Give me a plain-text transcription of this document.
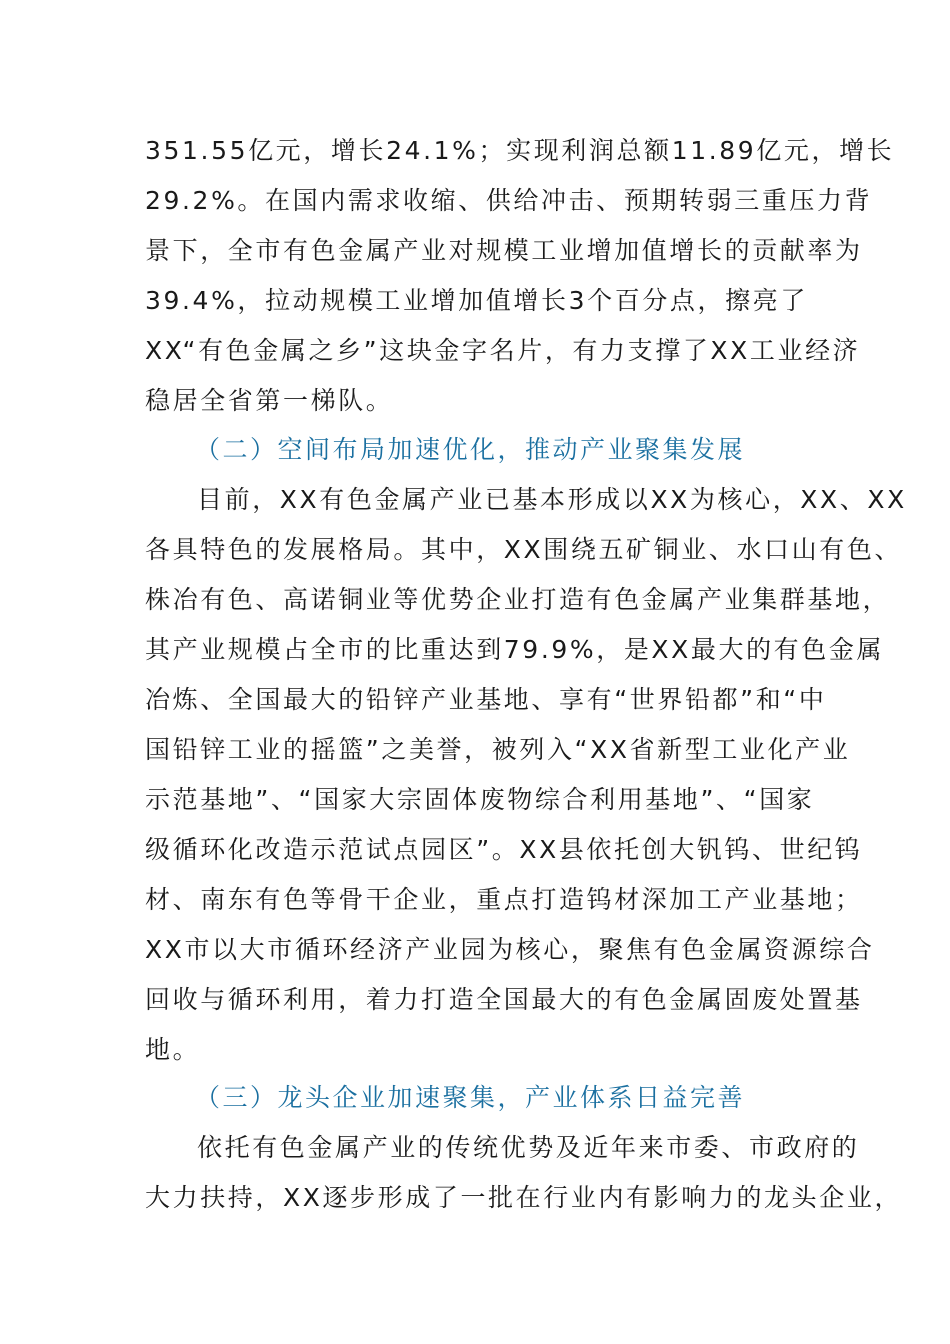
351.55亿元，增长24.1%；实现利润总额11.89亿元，增长
29.2%。在国内需求收缩、供给冲击、预期转弱三重压力背
景下，全市有色金属产业对规模工业增加值增长的贡献率为
39.4%，拉动规模工业增加值增长3个百分点，擦亮了
XX“有色金属之乡”这块金字名片，有力支撑了XX工业经济
稳居全省第一梯队。
（二）空间布局加速优化，推动产业聚集发展
目前，XX有色金属产业已基本形成以XX为核心，XX、XX
各具特色的发展格局。其中，XX围绕五矿铜业、水口山有色、
株冶有色、高诺铜业等优势企业打造有色金属产业集群基地，
其产业规模占全市的比重达到79.9%，是XX最大的有色金属
冶炼、全国最大的铅锌产业基地、享有“世界铅都”和“中
国铅锌工业的摇篮”之美誉，被列入“XX省新型工业化产业
示范基地”、“国家大宗固体废物综合利用基地”、“国家
级循环化改造示范试点园区”。XX县依托创大钒钨、世纪钨
材、南东有色等骨干企业，重点打造钨材深加工产业基地；
XX市以大市循环经济产业园为核心，聚焦有色金属资源综合
回收与循环利用，着力打造全国最大的有色金属固废处置基
地。
（三）龙头企业加速聚集，产业体系日益完善
依托有色金属产业的传统优势及近年来市委、市政府的
大力扶持，XX逐步形成了一批在行业内有影响力的龙头企业，
